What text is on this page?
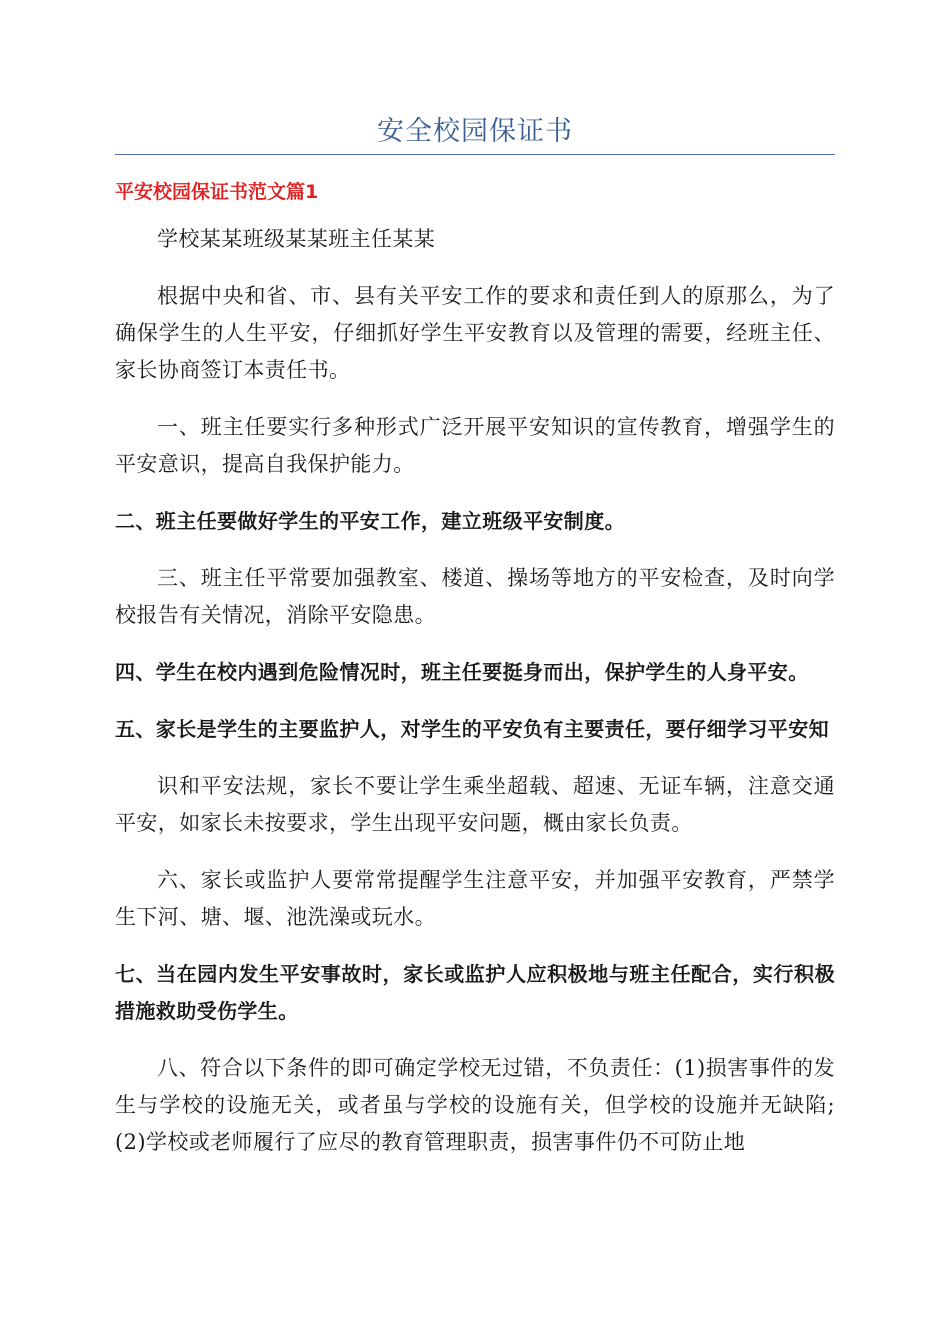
安全校园保证书
平安校园保证书范文篇1

学校某某班级某某班主任某某

根据中央和省、市、县有关平安工作的要求和责任到人的原那么，为了确保学生的人生平安，仔细抓好学生平安教育以及管理的需要，经班主任、家长协商签订本责任书。

一、班主任要实行多种形式广泛开展平安知识的宣传教育，增强学生的平安意识，提高自我保护能力。

二、班主任要做好学生的平安工作，建立班级平安制度。

三、班主任平常要加强教室、楼道、操场等地方的平安检查，及时向学校报告有关情况，消除平安隐患。

四、学生在校内遇到危险情况时，班主任要挺身而出，保护学生的人身平安。

五、家长是学生的主要监护人，对学生的平安负有主要责任，要仔细学习平安知

识和平安法规，家长不要让学生乘坐超载、超速、无证车辆，注意交通平安，如家长未按要求，学生出现平安问题，概由家长负责。

六、家长或监护人要常常提醒学生注意平安，并加强平安教育，严禁学生下河、塘、堰、池洗澡或玩水。

七、当在园内发生平安事故时，家长或监护人应积极地与班主任配合，实行积极措施救助受伤学生。

八、符合以下条件的即可确定学校无过错，不负责任：(1)损害事件的发生与学校的设施无关，或者虽与学校的设施有关，但学校的设施并无缺陷;(2)学校或老师履行了应尽的教育管理职责，损害事件仍不可防止地
